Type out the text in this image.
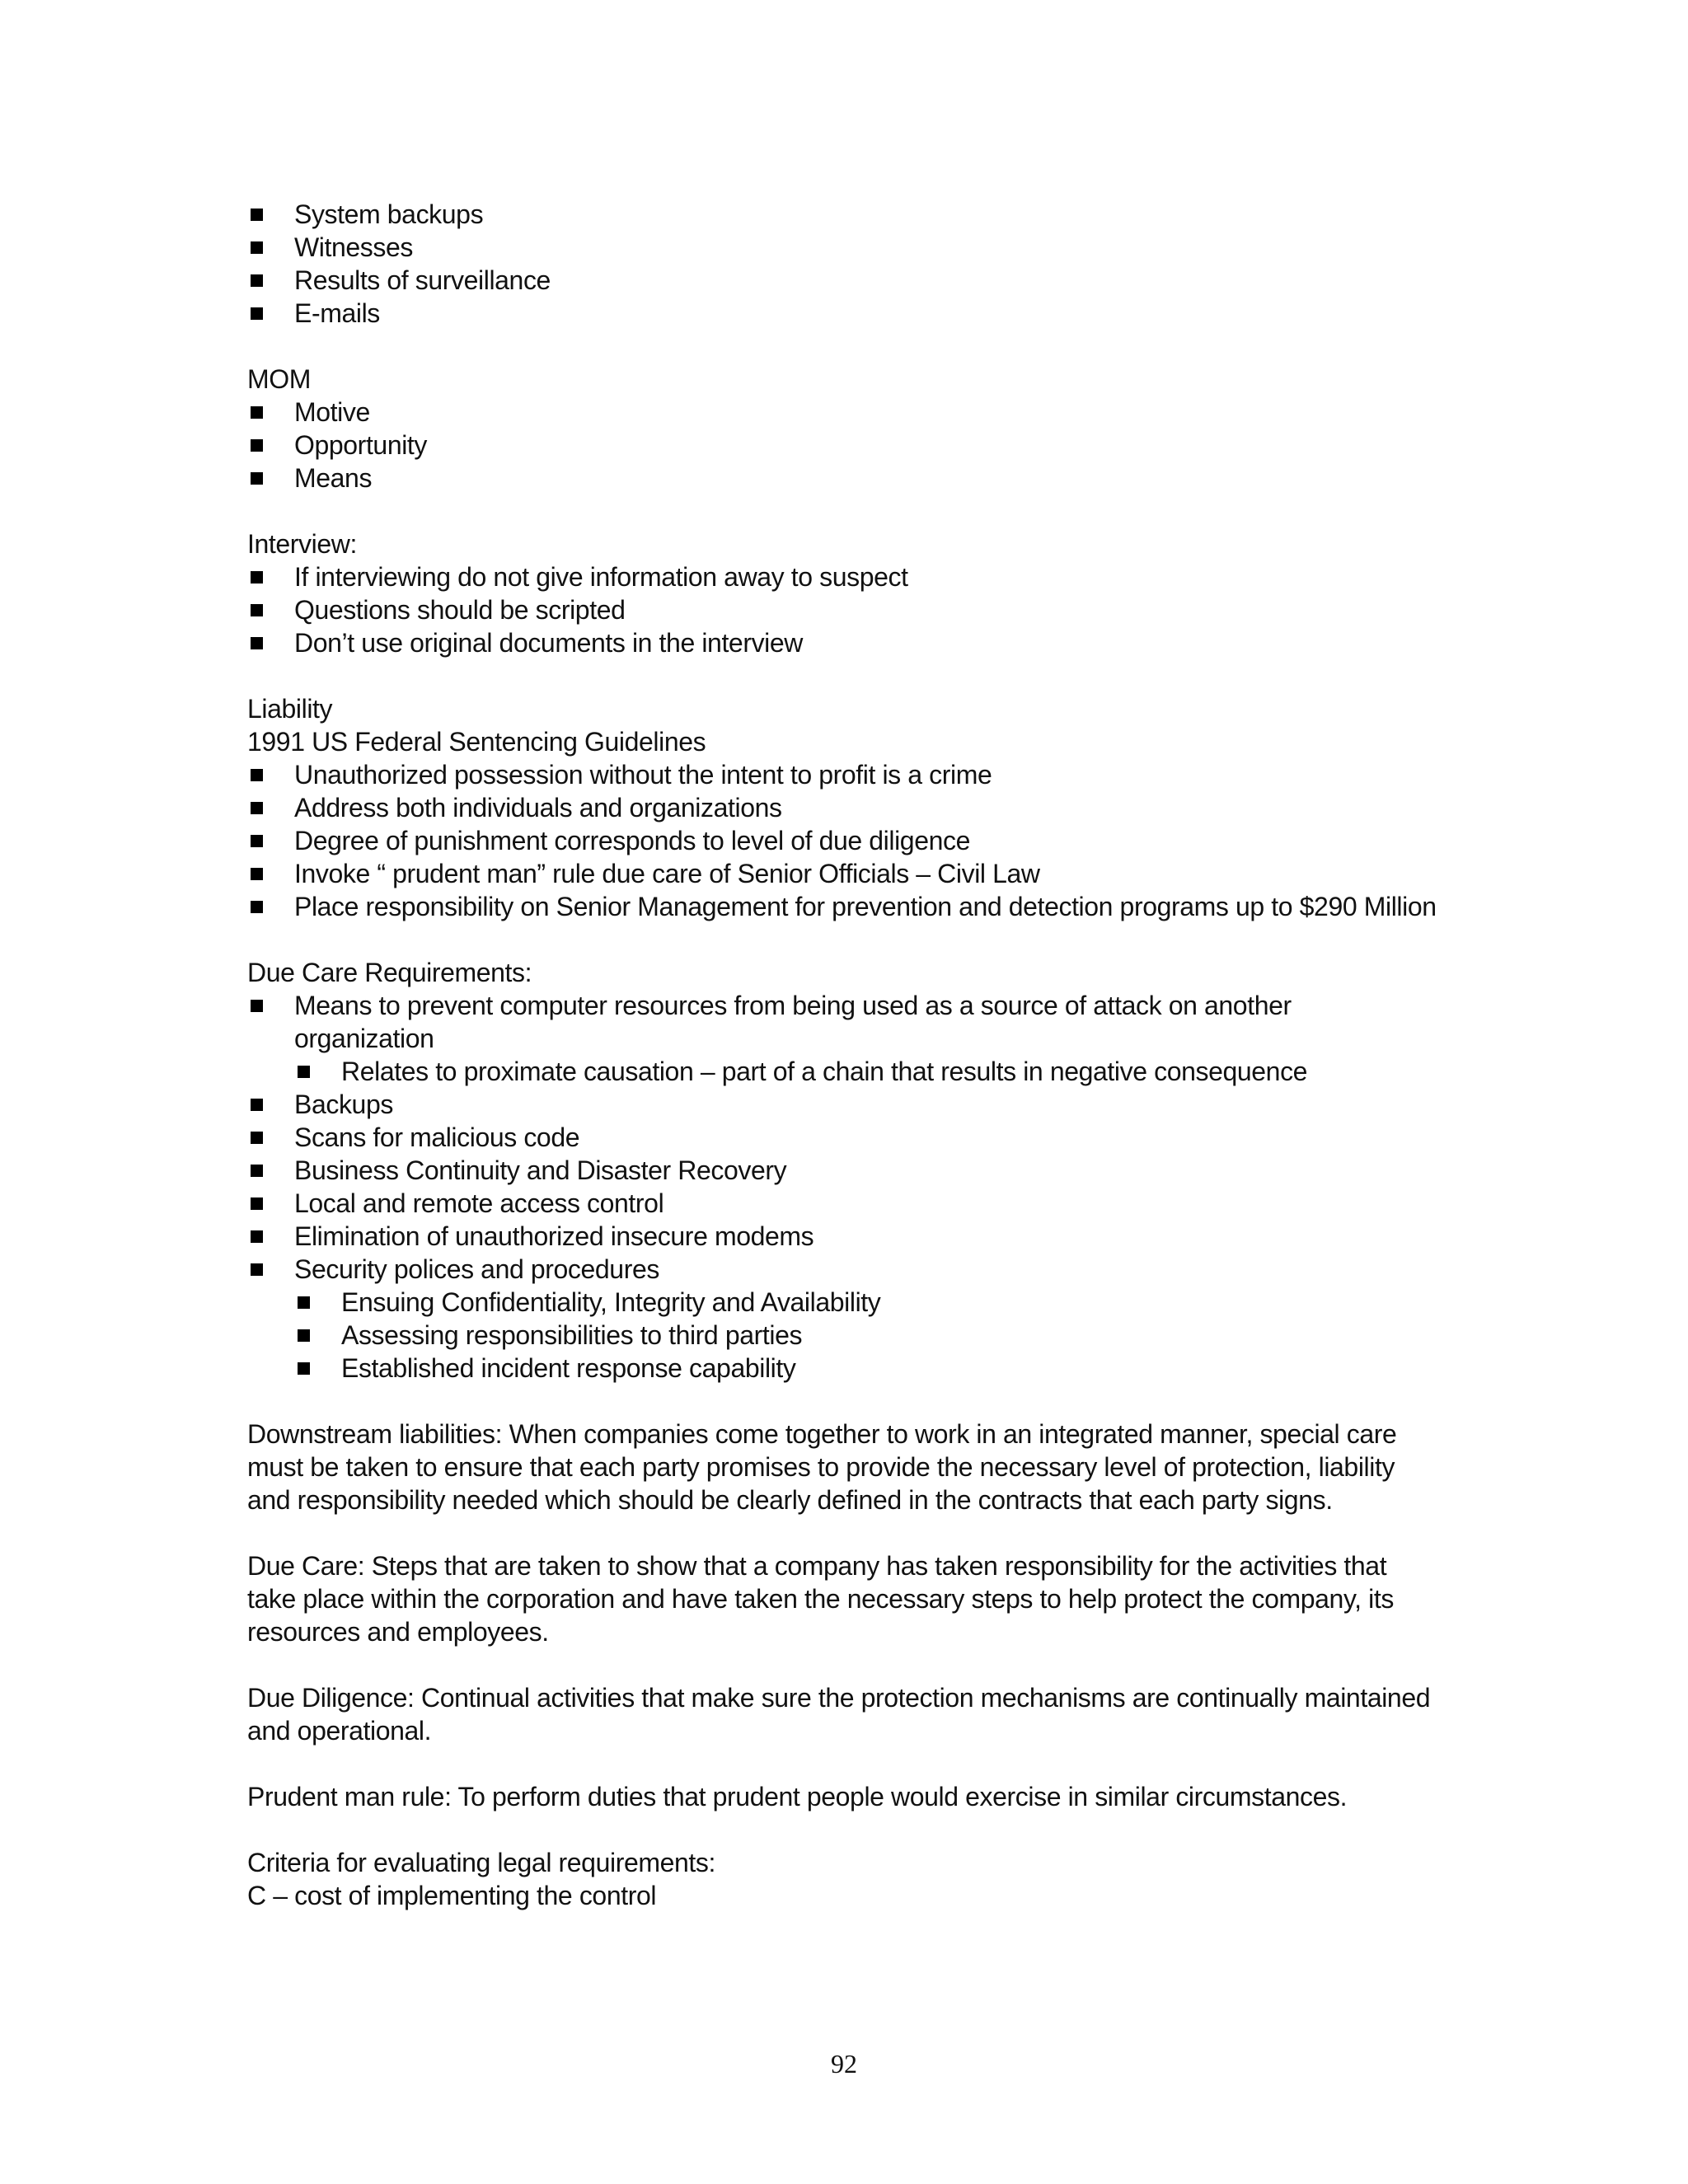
System backups
Witnesses
Results of surveillance
E-mails
MOM
Motive
Opportunity
Means
Interview:
If interviewing do not give information away to suspect
Questions should be scripted
Don’t use original documents in the interview
Liability
1991 US Federal Sentencing Guidelines
Unauthorized possession without the intent to profit is a crime
Address both individuals and organizations
Degree of punishment corresponds to level of due diligence
Invoke “ prudent man” rule due care of Senior Officials – Civil Law
Place responsibility on Senior Management for prevention and detection programs up to $290 Million
Due Care Requirements:
Means to prevent computer resources from being used as a source of attack on another organization
Relates to proximate causation – part of a chain that results in negative consequence
Backups
Scans for malicious code
Business Continuity and Disaster Recovery
Local and remote access control
Elimination of unauthorized insecure modems
Security polices and procedures
Ensuing Confidentiality, Integrity and Availability
Assessing responsibilities to third parties
Established incident response capability

Downstream liabilities: When companies come together to work in an integrated manner, special care must be taken to ensure that each party promises to provide the necessary level of protection, liability and responsibility needed which should be clearly defined in the contracts that each party signs.

Due Care: Steps that are taken to show that a company has taken responsibility for the activities that take place within the corporation and have taken the necessary steps to help protect the company, its resources and employees.

Due Diligence: Continual activities that make sure the protection mechanisms are continually maintained and operational.

Prudent man rule: To perform duties that prudent people would exercise in similar circumstances.

Criteria for evaluating legal requirements:
C – cost of implementing the control
92
